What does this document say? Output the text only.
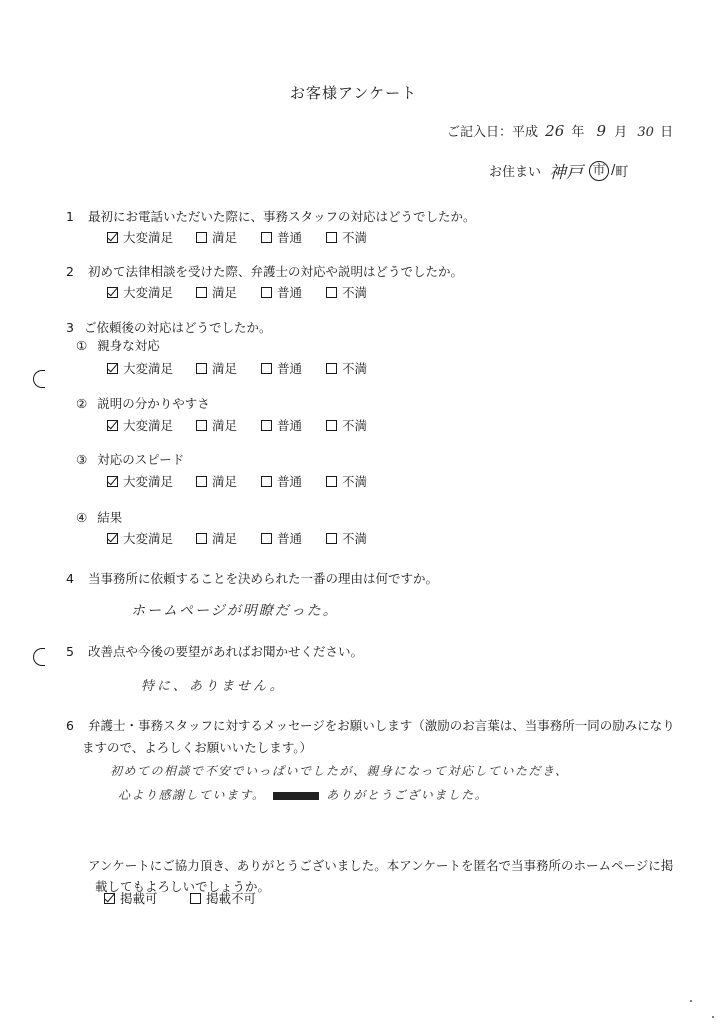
お客様アンケート
ご記入日：平成 26 年 9 月 30 日
お住まい 神戸 市 / 町
1 最初にお電話いただいた際に、事務スタッフの対応はどうでしたか。
大変満足	満足	普通	不満
2 初めて法律相談を受けた際、弁護士の対応や説明はどうでしたか。
大変満足	満足	普通	不満
3 ご依頼後の対応はどうでしたか。
① 親身な対応
大変満足	満足	普通	不満
② 説明の分かりやすさ
大変満足	満足	普通	不満
③ 対応のスピード
大変満足	満足	普通	不満
④ 結果
大変満足	満足	普通	不満
4 当事務所に依頼することを決められた一番の理由は何ですか。
ホームページが明瞭だった。
5 改善点や今後の要望があればお聞かせください。
特に、ありません。
6 弁護士・事務スタッフに対するメッセージをお願いします（激励のお言葉は、当事務所一同の励みになり
ますので、よろしくお願いいたします。）
初めての相談で不安でいっぱいでしたが、親身になって対応していただき、
心より感謝しています。	ありがとうございました。
アンケートにご協力頂き、ありがとうございました。本アンケートを匿名で当事務所のホームページに掲
載してもよろしいでしょうか。
掲載可	掲載不可
